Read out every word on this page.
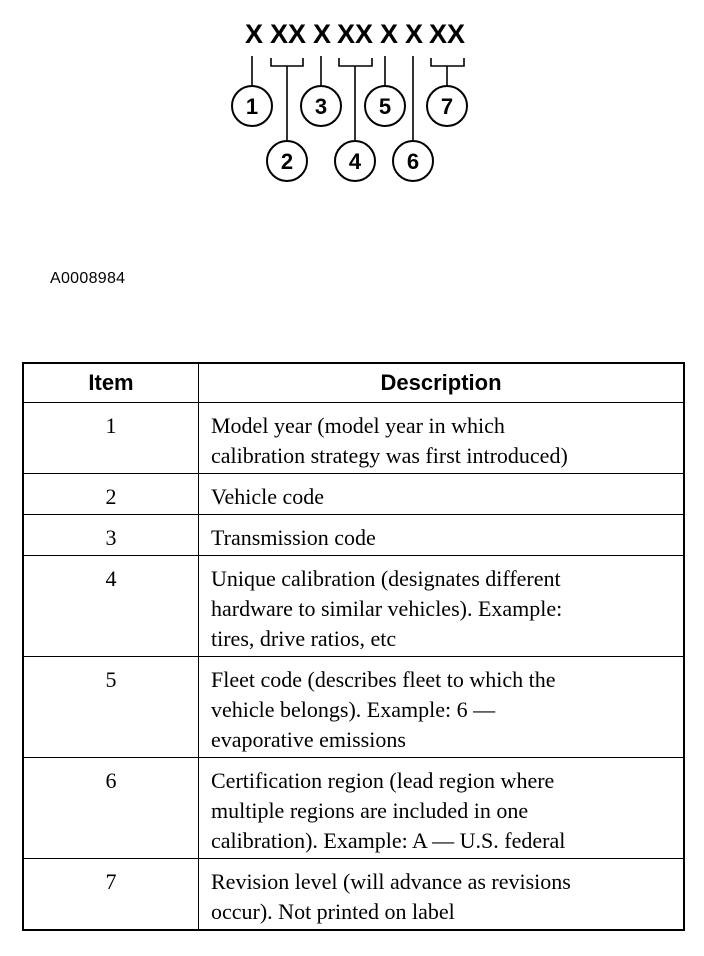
X XX X XX X X XX
1
2
3
4
5
6
7
A0008984
Item	Description
1	Model year (model year in which
calibration strategy was first introduced)

2	Vehicle code

3	Transmission code

4	Unique calibration (designates different
hardware to similar vehicles). Example:
tires, drive ratios, etc

5	Fleet code (describes fleet to which the
vehicle belongs). Example: 6 —
evaporative emissions

6	Certification region (lead region where
multiple regions are included in one
calibration). Example: A — U.S. federal

7	Revision level (will advance as revisions
occur). Not printed on label
